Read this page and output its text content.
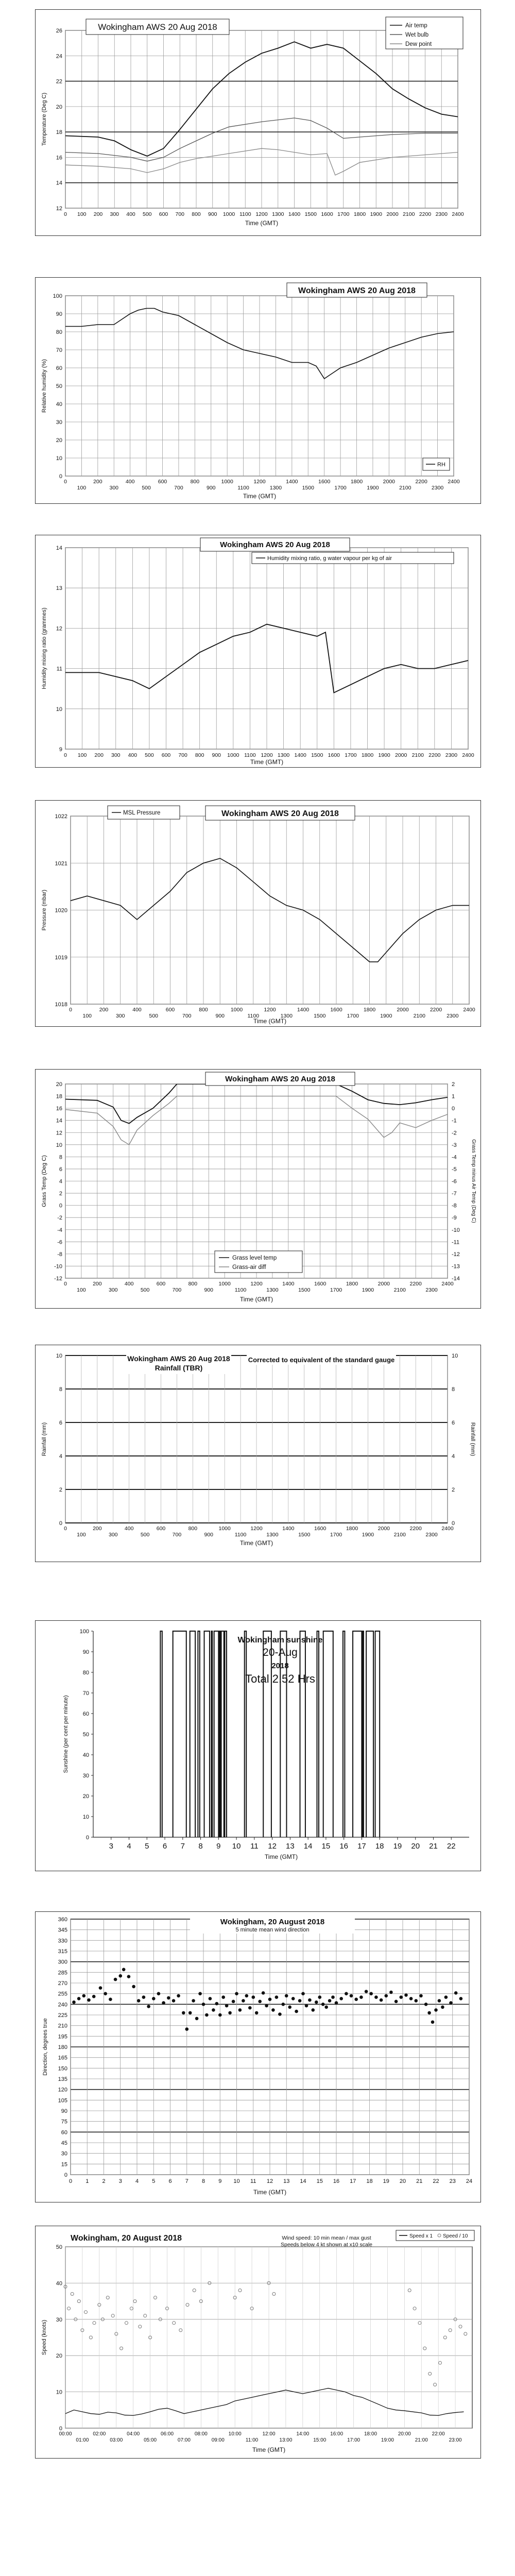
12
14
16
18
20
22
24
26
0 100 200 300 400 500 600 700 800 900 1000 1100 1200 1300 1400 1500 1600 1700 1800 1900 2000 2100 2200 2300 2400
Wokingham AWS 20 Aug 2018	Air temp
Wet bulb
Dew point
Time (GMT)
Temperature (Deg C)
0
10
20
30
40
50
60
70
80
90
100
0	200	400	600	800	1000	1200	1400	1600	1800	2000	2200	2400
100	300	500	700	900	1100	1300	1500	1700	1900	2100	2300
Wokingham AWS 20 Aug 2018
RH
Time (GMT)
Relative humidity (%)
9
10
11
12
13
14
0 100 200 300 400 500 600 700 800 900 1000 1100 1200 1300 1400 1500 1600 1700 1800 1900 2000 2100 2200 2300 2400
Wokingham AWS 20 Aug 2018
Humidity mixing ratio, g water vapour per kg of air
Time (GMT)
Humidity mixing ratio (grammes)
1018
1019
1020
1021
1022
0	200	400	600	800	1000	1200	1400	1600	1800	2000	2200	2400
100	300	500	700	900	1100	1300	1500	1700	1900	2100	2300
MSL Pressure	Wokingham AWS 20 Aug 2018
Time (GMT)
Pressure (mbar)
-12
-10
-8
-6
-4
-2
0
2
4
6
8
10
12
14
16
18
20
-14
-13
-12
-11
-10
-9
-8
-7
-6
-5
-4
-3
-2
-1
0
1
2
0	200	400	600	800	1000	1200	1400	1600	1800	2000	2200	2400
100	300	500	700	900	1100	1300	1500	1700	1900	2100	2300
Wokingham AWS 20 Aug 2018
Grass level temp
Grass-air diff
Time (GMT)
Grass Temp (Deg C)	Grass Temp minus Air Temp (Deg C)
0
2
4
6
8
10
0
2
4
6
8
10
0	200	400	600	800	1000	1200	1400	1600	1800	2000	2200	2400
100	300	500	700	900	1100	1300	1500	1700	1900	2100	2300
Wokingham AWS 20 Aug 2018
Rainfall (TBR)
Corrected to equivalent of the standard gauge
Time (GMT)
Rainfall (mm)	Rainfall (mm)
0
10
20
30
40
50
60
70
80
90
100
3 4 5 6 7 8 9 10 11 12 13 14 15 16 17 18 19 20 21 22
Wokingham sunshine
20-Aug
2018
Total 2.52 Hrs
Time (GMT)
Sunshine (per cent per minute)
0
15
30
45
60
75
90
105
120
135
150
165
180
195
210
225
240
255
270
285
300
315
330
345
360
0 1 2 3 4 5 6 7 8 9 10 11 12 13 14 15 16 17 18 19 20 21 22 23 24
Wokingham, 20 August 2018
5 minute mean wind direction
Time (GMT)
Direction, degrees true
0
10
20
30
40
50
00:00
01:00
02:00
03:00
04:00
05:00
06:00
07:00
08:00
09:00
10:00
11:00
12:00
13:00
14:00
15:00
16:00
17:00
18:00
19:00
20:00
21:00
22:00
23:00
Wokingham, 20 August 2018	Wind speed: 10 min mean / max gust
Speeds below 4 kt shown at x10 scale
Speed x 1 Speed / 10
Time (GMT)
Speed (knots)
